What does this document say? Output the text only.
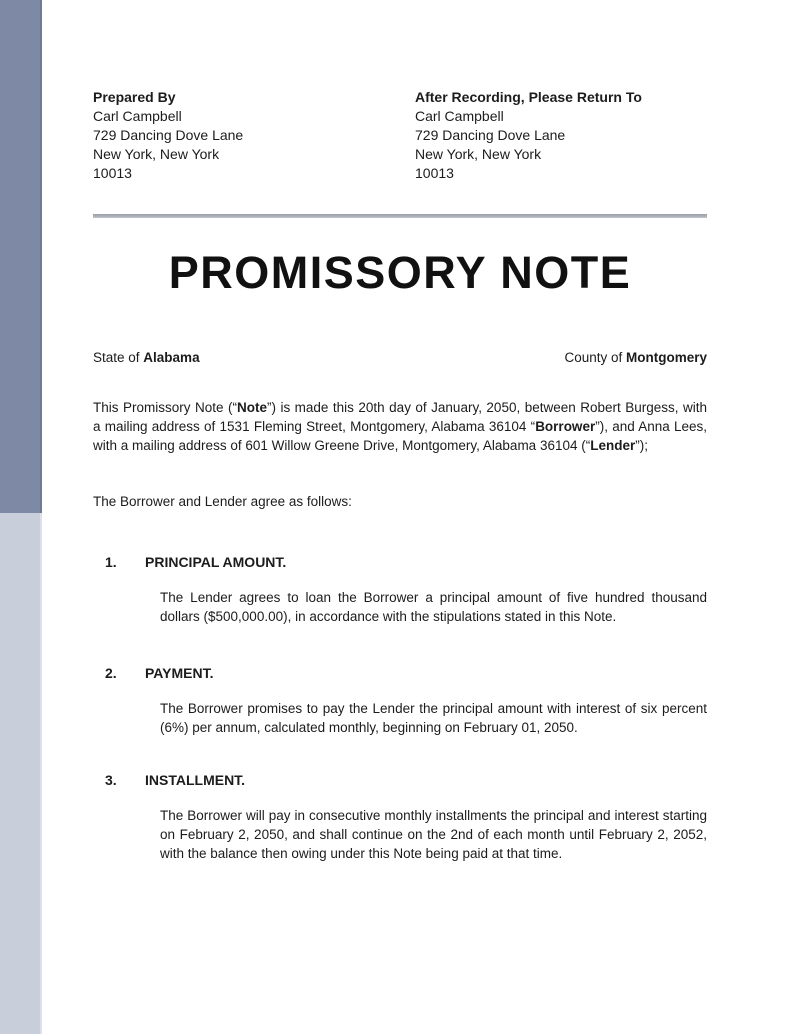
Prepared By
Carl Campbell
729 Dancing Dove Lane
New York, New York
10013
After Recording, Please Return To
Carl Campbell
729 Dancing Dove Lane
New York, New York
10013
PROMISSORY NOTE
State of Alabama	County of Montgomery
This Promissory Note (“Note”) is made this 20th day of January, 2050, between Robert Burgess, with a mailing address of 1531 Fleming Street, Montgomery, Alabama 36104 “Borrower”), and Anna Lees, with a mailing address of 601 Willow Greene Drive, Montgomery, Alabama 36104 (“Lender”);
The Borrower and Lender agree as follows:
1.	PRINCIPAL AMOUNT.
The Lender agrees to loan the Borrower a principal amount of five hundred thousand dollars ($500,000.00), in accordance with the stipulations stated in this Note.
2.	PAYMENT.
The Borrower promises to pay the Lender the principal amount with interest of six percent (6%) per annum, calculated monthly, beginning on February 01, 2050.
3.	INSTALLMENT.
The Borrower will pay in consecutive monthly installments the principal and interest starting on February 2, 2050, and shall continue on the 2nd of each month until February 2, 2052, with the balance then owing under this Note being paid at that time.
